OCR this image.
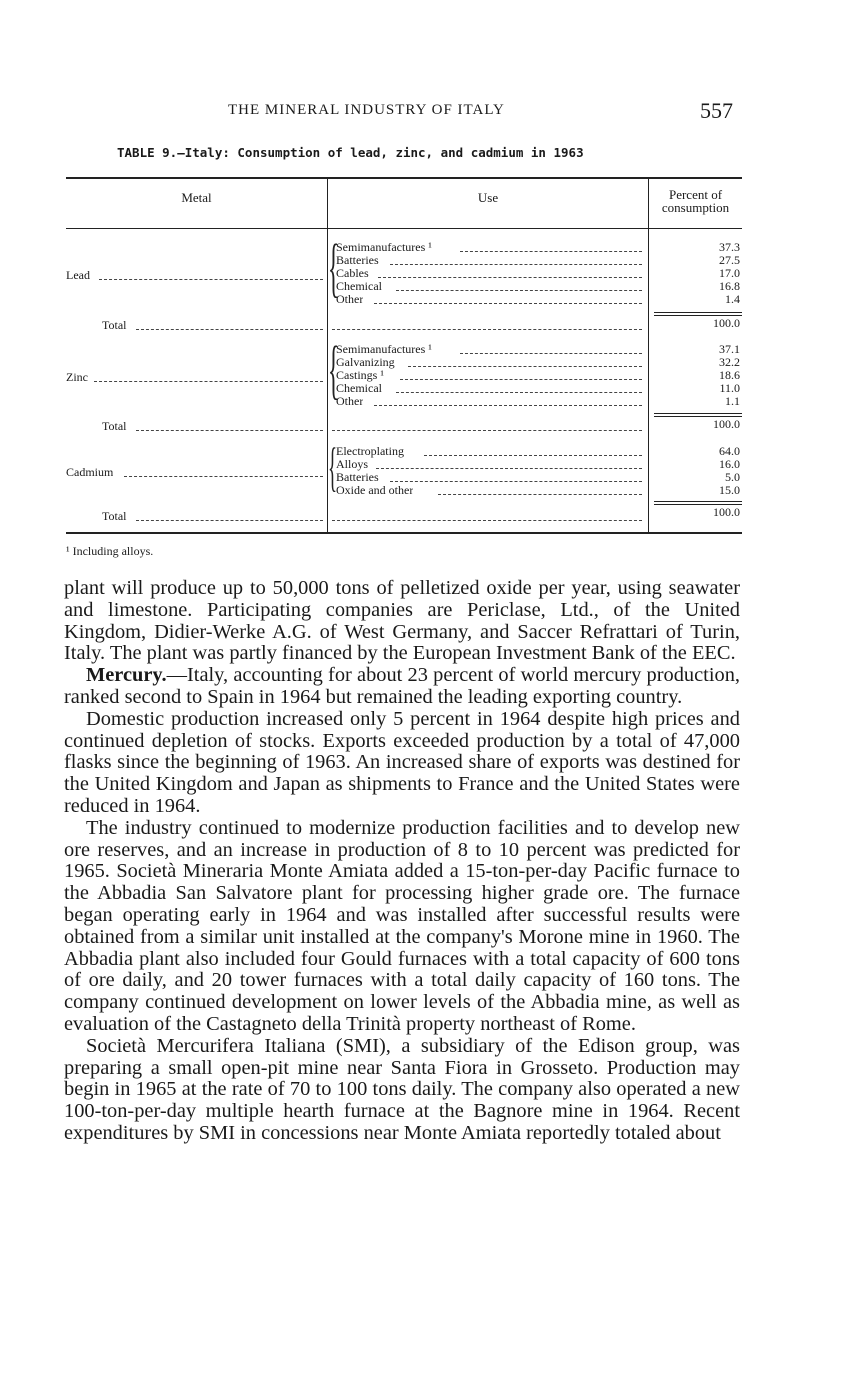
THE MINERAL INDUSTRY OF ITALY	557
TABLE 9.—Italy: Consumption of lead, zinc, and cadmium in 1963
Metal	Use	Percent of
consumption
Lead	{
Semimanufactures ¹	37.3
Batteries	27.5
Cables	17.0
Chemical	16.8
Other	1.4
Total	100.0
Zinc	{
Semimanufactures ¹	37.1
Galvanizing	32.2
Castings ¹	18.6
Chemical	11.0
Other	1.1
Total	100.0
Cadmium	{
Electroplating	64.0
Alloys	16.0
Batteries	5.0
Oxide and other	15.0
Total	100.0
¹ Including alloys.

plant will produce up to 50,000 tons of pelletized oxide per year, using seawater and limestone. Participating companies are Periclase, Ltd., of the United Kingdom, Didier-Werke A.G. of West Germany, and Saccer Refrattari of Turin, Italy. The plant was partly financed by the European Investment Bank of the EEC.

Mercury.—Italy, accounting for about 23 percent of world mercury production, ranked second to Spain in 1964 but remained the leading exporting country.

Domestic production increased only 5 percent in 1964 despite high prices and continued depletion of stocks. Exports exceeded production by a total of 47,000 flasks since the beginning of 1963. An increased share of exports was destined for the United Kingdom and Japan as shipments to France and the United States were reduced in 1964.

The industry continued to modernize production facilities and to develop new ore reserves, and an increase in production of 8 to 10 percent was predicted for 1965. Società Mineraria Monte Amiata added a 15-ton-per-day Pacific furnace to the Abbadia San Salvatore plant for processing higher grade ore. The furnace began operating early in 1964 and was installed after successful results were obtained from a similar unit installed at the company's Morone mine in 1960. The Abbadia plant also included four Gould furnaces with a total capacity of 600 tons of ore daily, and 20 tower furnaces with a total daily capacity of 160 tons. The company continued development on lower levels of the Abbadia mine, as well as evaluation of the Castagneto della Trinità property northeast of Rome.

Società Mercurifera Italiana (SMI), a subsidiary of the Edison group, was preparing a small open-pit mine near Santa Fiora in Grosseto. Production may begin in 1965 at the rate of 70 to 100 tons daily. The company also operated a new 100-ton-per-day multiple hearth furnace at the Bagnore mine in 1964. Recent expenditures by SMI in concessions near Monte Amiata reportedly totaled about
